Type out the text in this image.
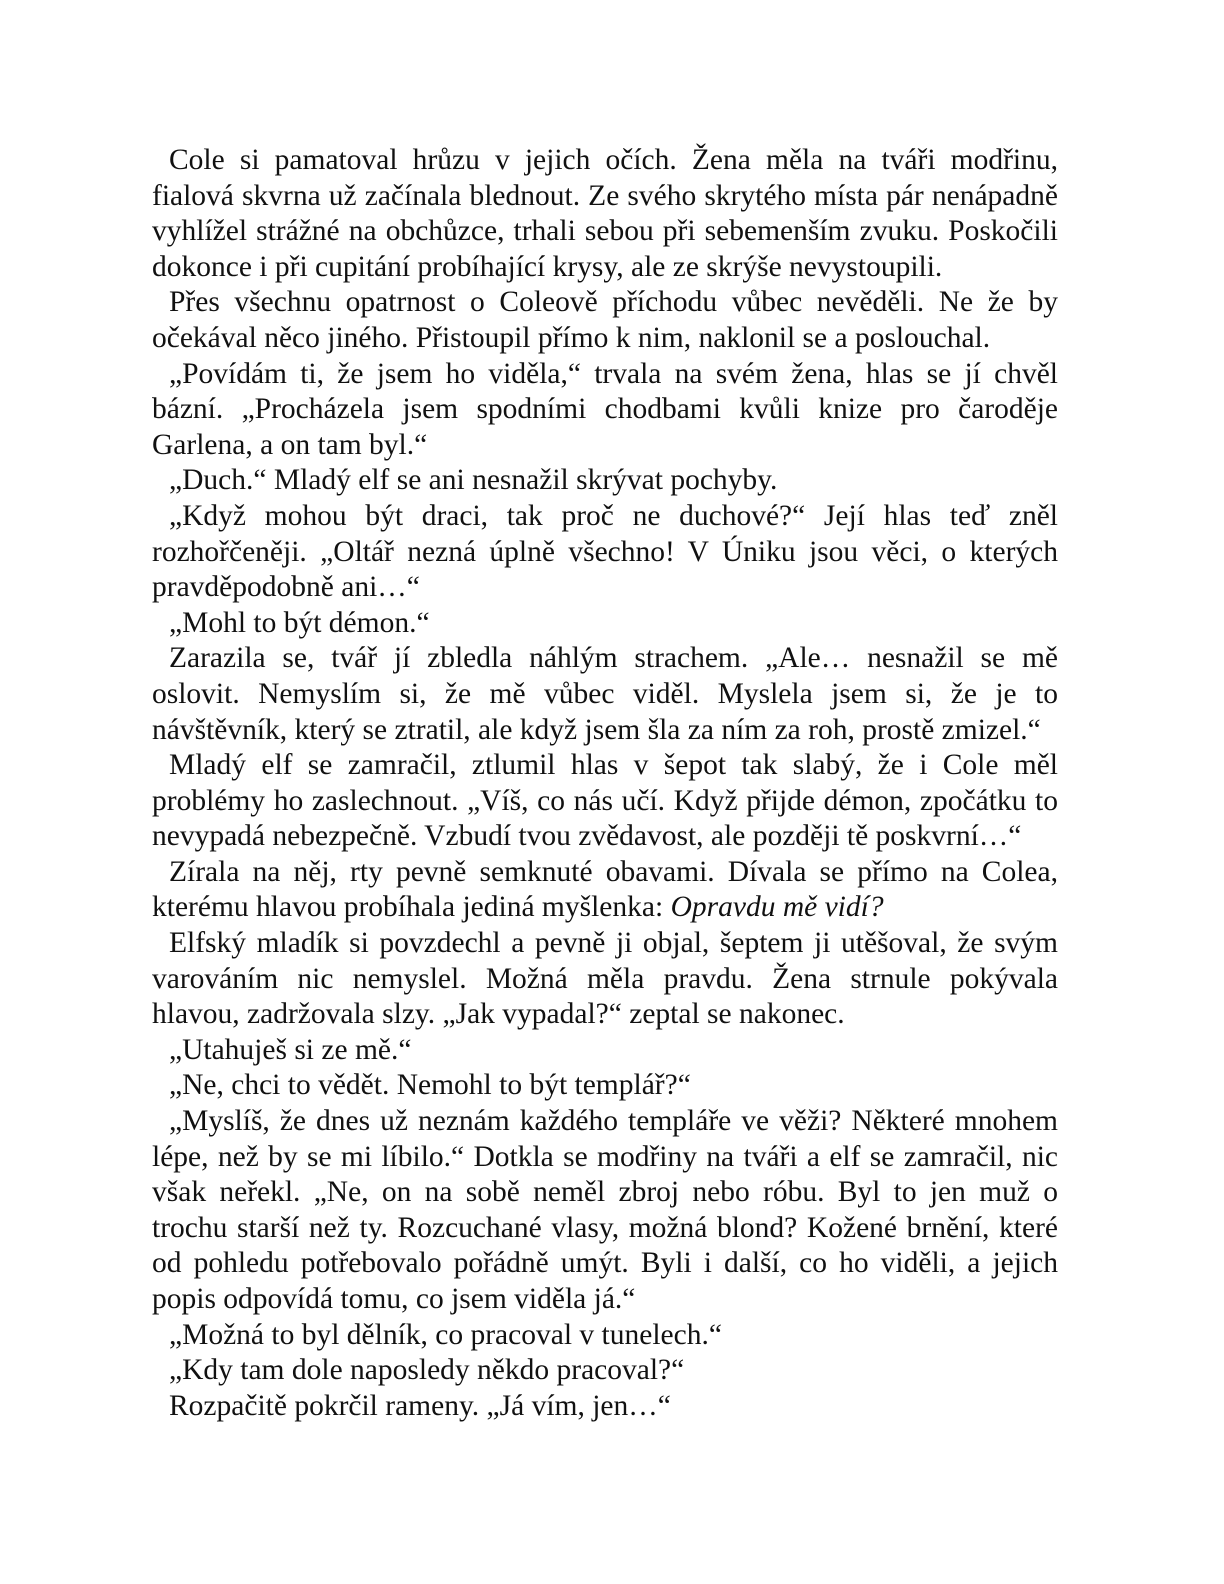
Cole si pamatoval hrůzu v jejich očích. Žena měla na tváři modřinu, fialová skvrna už začínala blednout. Ze svého skrytého místa pár nenápadně vyhlížel strážné na obchůzce, trhali sebou při sebemenším zvuku. Poskočili dokonce i při cupitání probíhající krysy, ale ze skrýše nevystoupili.

Přes všechnu opatrnost o Coleově příchodu vůbec nevěděli. Ne že by očekával něco jiného. Přistoupil přímo k nim, naklonil se a poslouchal.

„Povídám ti, že jsem ho viděla,“ trvala na svém žena, hlas se jí chvěl bázní. „Procházela jsem spodními chodbami kvůli knize pro čaroděje Garlena, a on tam byl.“

„Duch.“ Mladý elf se ani nesnažil skrývat pochyby.

„Když mohou být draci, tak proč ne duchové?“ Její hlas teď zněl rozhořčeněji. „Oltář nezná úplně všechno! V Úniku jsou věci, o kterých pravděpodobně ani…“

„Mohl to být démon.“

Zarazila se, tvář jí zbledla náhlým strachem. „Ale… nesnažil se mě oslovit. Nemyslím si, že mě vůbec viděl. Myslela jsem si, že je to návštěvník, který se ztratil, ale když jsem šla za ním za roh, prostě zmizel.“

Mladý elf se zamračil, ztlumil hlas v šepot tak slabý, že i Cole měl problémy ho zaslechnout. „Víš, co nás učí. Když přijde démon, zpočátku to nevypadá nebezpečně. Vzbudí tvou zvědavost, ale později tě poskvrní…“

Zírala na něj, rty pevně semknuté obavami. Dívala se přímo na Colea, kterému hlavou probíhala jediná myšlenka: Opravdu mě vidí?

Elfský mladík si povzdechl a pevně ji objal, šeptem ji utěšoval, že svým varováním nic nemyslel. Možná měla pravdu. Žena strnule pokývala hlavou, zadržovala slzy. „Jak vypadal?“ zeptal se nakonec.

„Utahuješ si ze mě.“

„Ne, chci to vědět. Nemohl to být templář?“

„Myslíš, že dnes už neznám každého templáře ve věži? Některé mnohem lépe, než by se mi líbilo.“ Dotkla se modřiny na tváři a elf se zamračil, nic však neřekl. „Ne, on na sobě neměl zbroj nebo róbu. Byl to jen muž o trochu starší než ty. Rozcuchané vlasy, možná blond? Kožené brnění, které od pohledu potřebovalo pořádně umýt. Byli i další, co ho viděli, a jejich popis odpovídá tomu, co jsem viděla já.“

„Možná to byl dělník, co pracoval v tunelech.“

„Kdy tam dole naposledy někdo pracoval?“

Rozpačitě pokrčil rameny. „Já vím, jen…“
